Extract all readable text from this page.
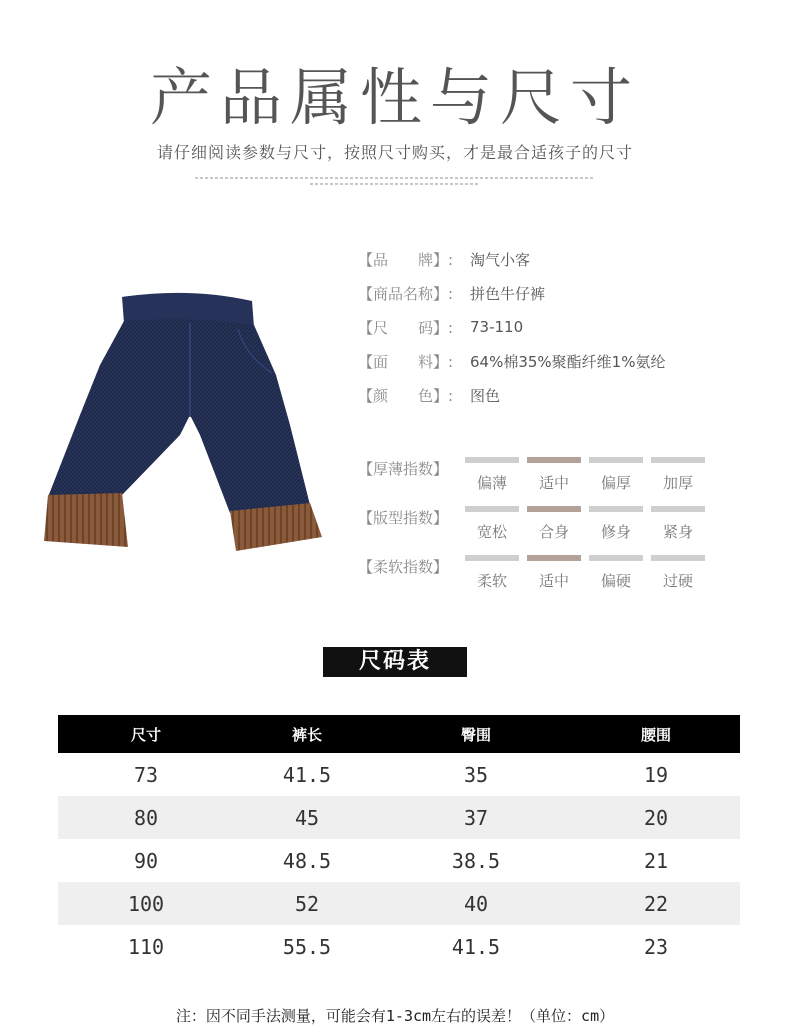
产品属性与尺寸
请仔细阅读参数与尺寸，按照尺寸购买，才是最合适孩子的尺寸
【品　　牌】:	淘气小客
【商品名称】:	拼色牛仔裤
【尺　　码】:	73-110
【面　　料】:	64%棉35%聚酯纤维1%氨纶
【颜　　色】:	图色
【厚薄指数】
偏薄	适中	偏厚	加厚
【版型指数】
宽松	合身	修身	紧身
【柔软指数】
柔软	适中	偏硬	过硬
尺码表
尺寸	裤长	臀围	腰围
73	41.5	35	19
80	45	37	20
90	48.5	38.5	21
100	52	40	22
110	55.5	41.5	23
注：因不同手法测量，可能会有1-3cm左右的误差！（单位：cm）
